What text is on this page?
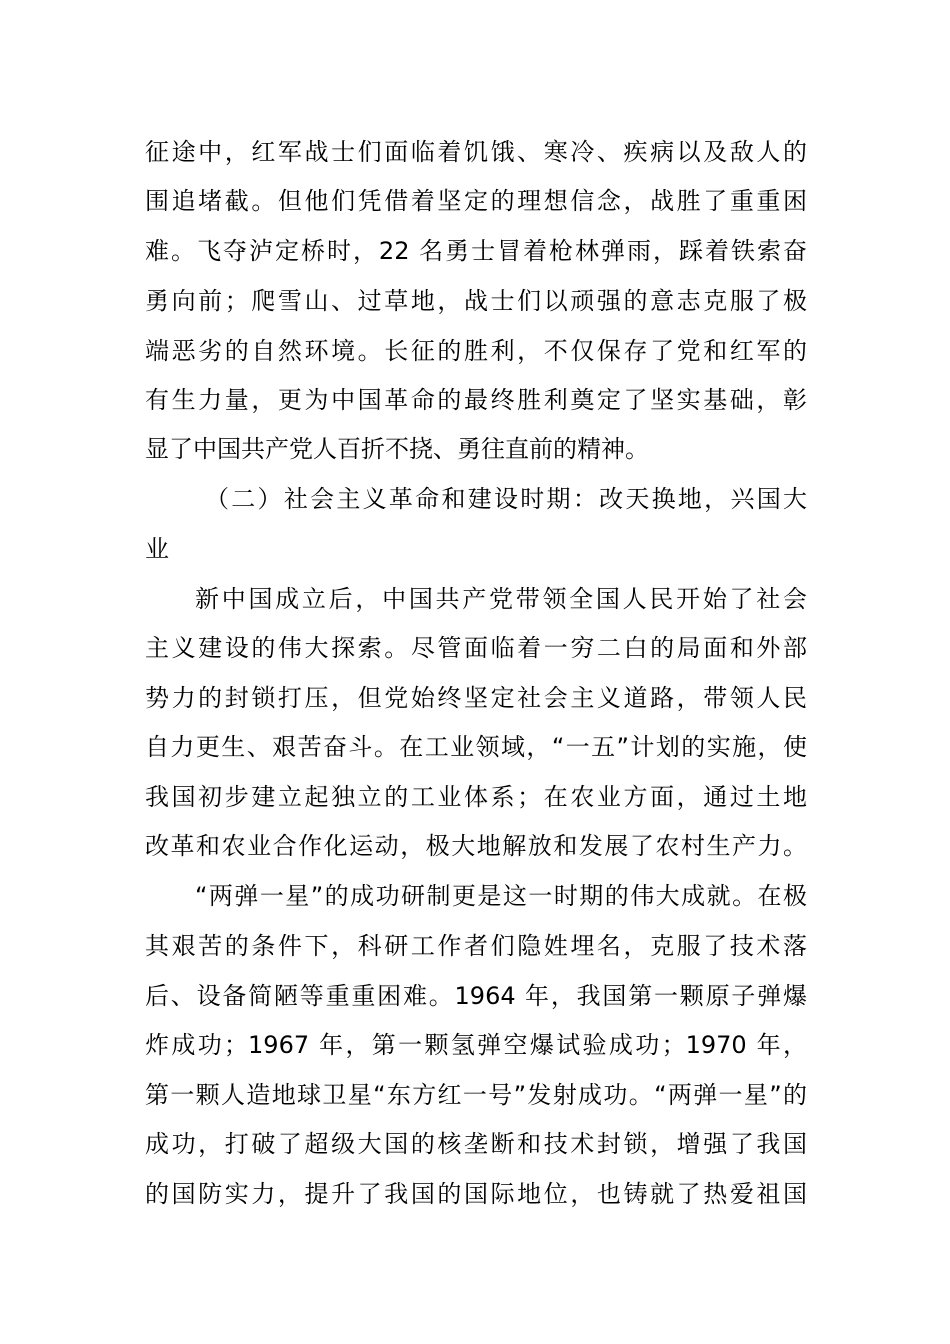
征途中，红军战士们面临着饥饿、寒冷、疾病以及敌人的
围追堵截。但他们凭借着坚定的理想信念，战胜了重重困
难。飞夺泸定桥时，22 名勇士冒着枪林弹雨，踩着铁索奋
勇向前；爬雪山、过草地，战士们以顽强的意志克服了极
端恶劣的自然环境。长征的胜利，不仅保存了党和红军的
有生力量，更为中国革命的最终胜利奠定了坚实基础，彰
显了中国共产党人百折不挠、勇往直前的精神。
（二）社会主义革命和建设时期：改天换地，兴国大
业
新中国成立后，中国共产党带领全国人民开始了社会
主义建设的伟大探索。尽管面临着一穷二白的局面和外部
势力的封锁打压，但党始终坚定社会主义道路，带领人民
自力更生、艰苦奋斗。在工业领域，“一五”计划的实施，使
我国初步建立起独立的工业体系；在农业方面，通过土地
改革和农业合作化运动，极大地解放和发展了农村生产力。
“两弹一星”的成功研制更是这一时期的伟大成就。在极
其艰苦的条件下，科研工作者们隐姓埋名，克服了技术落
后、设备简陋等重重困难。1964 年，我国第一颗原子弹爆
炸成功；1967 年，第一颗氢弹空爆试验成功；1970 年，
第一颗人造地球卫星“东方红一号”发射成功。“两弹一星”的
成功，打破了超级大国的核垄断和技术封锁，增强了我国
的国防实力，提升了我国的国际地位，也铸就了热爱祖国
